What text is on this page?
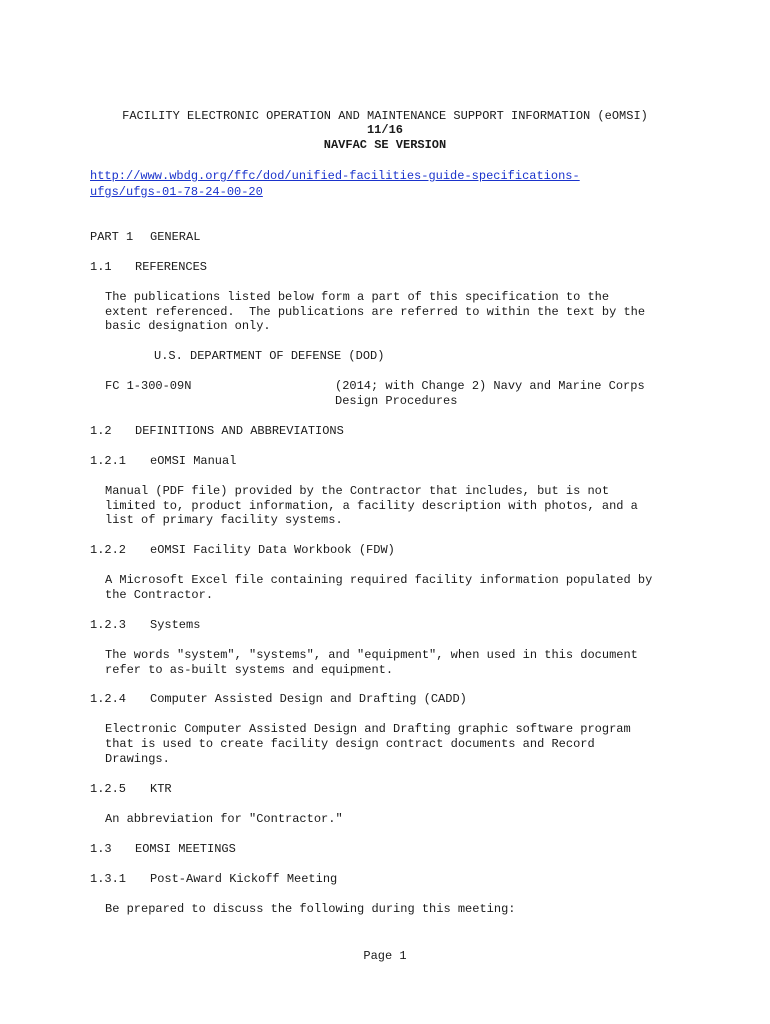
FACILITY ELECTRONIC OPERATION AND MAINTENANCE SUPPORT INFORMATION (eOMSI)
11/16
NAVFAC SE VERSION
http://www.wbdg.org/ffc/dod/unified-facilities-guide-specifications-
ufgs/ufgs-01-78-24-00-20
PART 1 GENERAL
1.1 REFERENCES
The publications listed below form a part of this specification to the
extent referenced.  The publications are referred to within the text by the
basic designation only.
U.S. DEPARTMENT OF DEFENSE (DOD)
FC 1-300-09N	(2014; with Change 2) Navy and Marine Corps
Design Procedures
1.2 DEFINITIONS AND ABBREVIATIONS
1.2.1 eOMSI Manual
Manual (PDF file) provided by the Contractor that includes, but is not
limited to, product information, a facility description with photos, and a
list of primary facility systems.
1.2.2 eOMSI Facility Data Workbook (FDW)
A Microsoft Excel file containing required facility information populated by
the Contractor.
1.2.3 Systems
The words "system", "systems", and "equipment", when used in this document
refer to as-built systems and equipment.
1.2.4 Computer Assisted Design and Drafting (CADD)
Electronic Computer Assisted Design and Drafting graphic software program
that is used to create facility design contract documents and Record
Drawings.
1.2.5 KTR
An abbreviation for "Contractor."
1.3 EOMSI MEETINGS
1.3.1 Post-Award Kickoff Meeting
Be prepared to discuss the following during this meeting:
Page 1
